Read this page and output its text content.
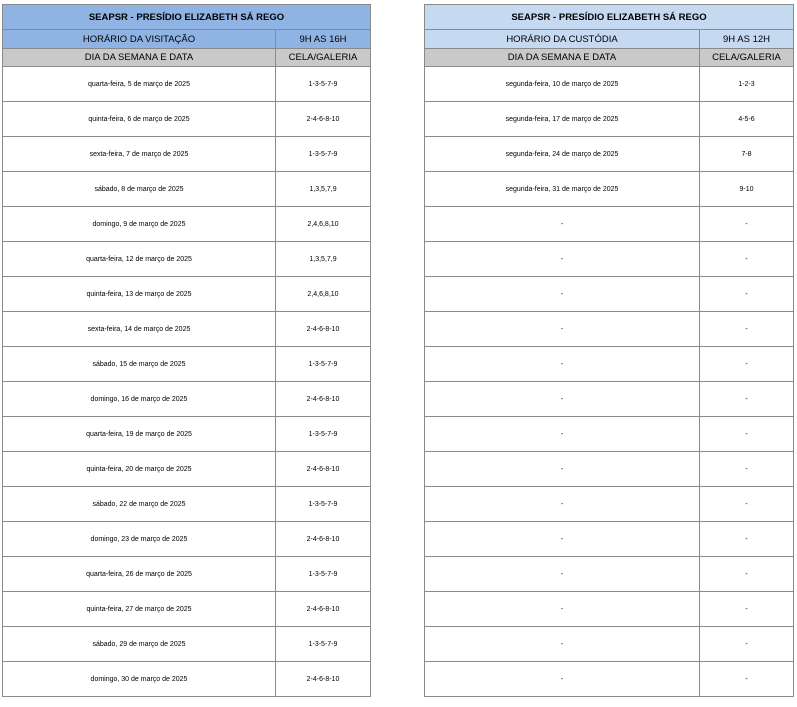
SEAPSR - PRESÍDIO ELIZABETH SÁ REGO	
HORÁRIO DA VISITAÇÃO	9H AS 16H
DIA DA SEMANA E DATA	CELA/GALERIA
quarta-feira, 5 de março de 2025	1-3-5-7-9
quinta-feira, 6 de março de 2025	2-4-6-8-10
sexta-feira, 7 de março de 2025	1-3-5-7-9
sábado, 8 de março de 2025	1,3,5,7,9
domingo, 9 de março de 2025	2,4,6,8,10
quarta-feira, 12 de março de 2025	1,3,5,7,9
quinta-feira, 13 de março de 2025	2,4,6,8,10
sexta-feira, 14 de março de 2025	2-4-6-8-10
sábado, 15 de março de 2025	1-3-5-7-9
domingo, 16 de março de 2025	2-4-6-8-10
quarta-feira, 19 de março de 2025	1-3-5-7-9
quinta-feira, 20 de março de 2025	2-4-6-8-10
sábado, 22 de março de 2025	1-3-5-7-9
domingo, 23 de março de 2025	2-4-6-8-10
quarta-feira, 26 de março de 2025	1-3-5-7-9
quinta-feira, 27 de março de 2025	2-4-6-8-10
sábado, 29 de março de 2025	1-3-5-7-9
domingo, 30 de março de 2025	2-4-6-8-10
SEAPSR - PRESÍDIO ELIZABETH SÁ REGO	
HORÁRIO DA CUSTÓDIA	9H AS 12H
DIA DA SEMANA E DATA	CELA/GALERIA
segunda-feira, 10 de março de 2025	1-2-3
segunda-feira, 17 de março de 2025	4-5-6
segunda-feira, 24 de março de 2025	7-8
segunda-feira, 31 de março de 2025	9-10
-	-
-	-
-	-
-	-
-	-
-	-
-	-
-	-
-	-
-	-
-	-
-	-
-	-
-	-
